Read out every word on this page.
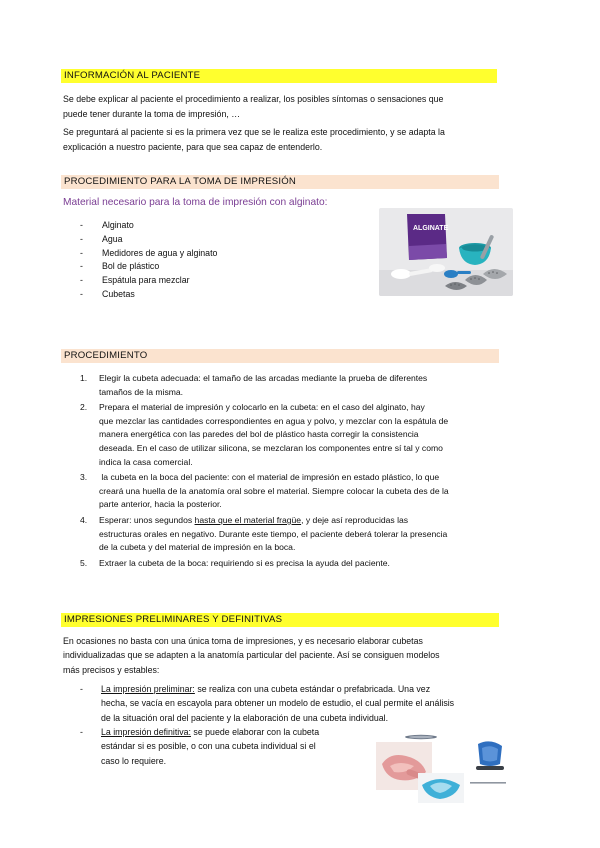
INFORMACIÓN AL PACIENTE
Se debe explicar al paciente el procedimiento a realizar, los posibles síntomas o sensaciones que
puede tener durante la toma de impresión, …
Se preguntará al paciente si es la primera vez que se le realiza este procedimiento, y se adapta la
explicación a nuestro paciente, para que sea capaz de entenderlo.
PROCEDIMIENTO PARA LA TOMA DE IMPRESIÓN
Material necesario para la toma de impresión con alginato:
-	Alginato
-	Agua
-	Medidores de agua y alginato
-	Bol de plástico
-	Espátula para mezclar
-	Cubetas
ALGINATE
PROCEDIMIENTO
1.	Elegir la cubeta adecuada: el tamaño de las arcadas mediante la prueba de diferentes
tamaños de la misma.
2.	Prepara el material de impresión y colocarlo en la cubeta: en el caso del alginato, hay
que mezclar las cantidades correspondientes en agua y polvo, y mezclar con la espátula de
manera energética con las paredes del bol de plástico hasta corregir la consistencia
deseada. En el caso de utilizar silicona, se mezclaran los componentes entre sí tal y como
indica la casa comercial.
3.	la cubeta en la boca del paciente: con el material de impresión en estado plástico, lo que
creará una huella de la anatomía oral sobre el material. Siempre colocar la cubeta des de la
parte anterior, hacia la posterior.
4.	Esperar: unos segundos hasta que el material fragüe, y deje así reproducidas las
estructuras orales en negativo. Durante este tiempo, el paciente deberá tolerar la presencia
de la cubeta y del material de impresión en la boca.
5.	Extraer la cubeta de la boca: requiriendo si es precisa la ayuda del paciente.
IMPRESIONES PRELIMINARES Y DEFINITIVAS
En ocasiones no basta con una única toma de impresiones, y es necesario elaborar cubetas
individualizadas que se adapten a la anatomía particular del paciente. Así se consiguen modelos
más precisos y estables:
-	La impresión preliminar: se realiza con una cubeta estándar o prefabricada. Una vez
hecha, se vacía en escayola para obtener un modelo de estudio, el cual permite el análisis
de la situación oral del paciente y la elaboración de una cubeta individual.
-	La impresión definitiva: se puede elaborar con la cubeta
estándar si es posible, o con una cubeta individual si el
caso lo requiere.
